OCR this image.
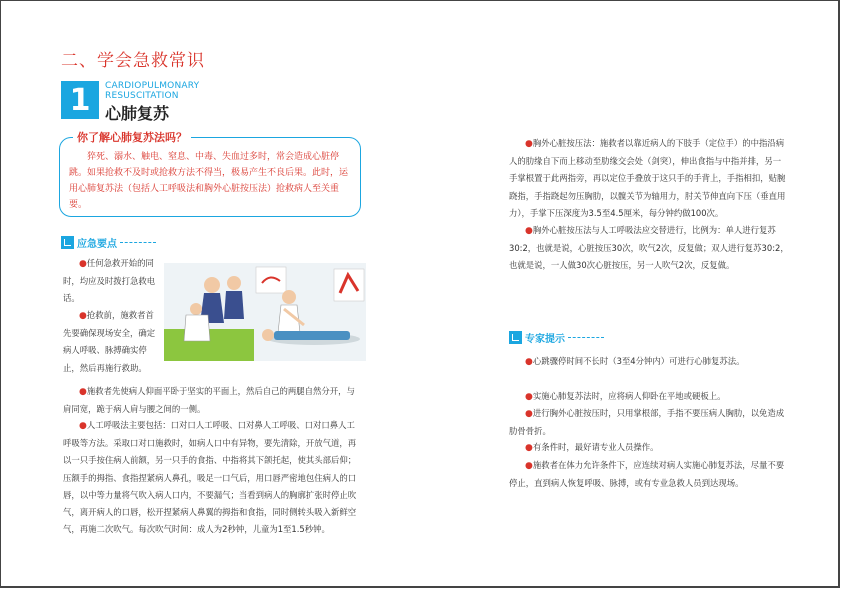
二、学会急救常识
1	CARDIOPULMONARY RESUSCITATION
心肺复苏
你了解心肺复苏法吗？
猝死、溺水、触电、窒息、中毒、失血过多时，常会造成心脏停跳。如果抢救不及时或抢救方法不得当，极易产生不良后果。此时，运用心肺复苏法（包括人工呼吸法和胸外心脏按压法）抢救病人至关重要。
应急要点
●任何急救开始的同时，均应及时拨打急救电话。
●抢救前，施救者首先要确保现场安全，确定病人呼吸、脉搏确实停止，然后再施行救助。
●施救者先使病人仰面平卧于坚实的平面上，然后自己的两腿自然分开，与肩同宽，跪于病人肩与腰之间的一侧。
●人工呼吸法主要包括：口对口人工呼吸、口对鼻人工呼吸、口对口鼻人工呼吸等方法。采取口对口施救时，如病人口中有异物，要先清除，开放气道，再以一只手按住病人前额，另一只手的食指、中指将其下颌托起，使其头部后仰；压额手的拇指、食指捏紧病人鼻孔，吸足一口气后，用口唇严密地包住病人的口唇，以中等力量将气吹入病人口内，不要漏气；当看到病人的胸廓扩张时停止吹气，离开病人的口唇，松开捏紧病人鼻翼的拇指和食指，同时侧转头吸入新鲜空气，再施二次吹气。每次吹气时间：成人为2秒钟，儿童为1至1.5秒钟。
●胸外心脏按压法：施救者以靠近病人的下肢手（定位手）的中指沿病人的肋缘自下而上移动至肋缘交会处（剑突），伸出食指与中指并排，另一手掌根置于此两指旁，再以定位手叠放于这只手的手背上，手指相扣，贴腕跷指，手指跷起勿压胸肋，以髋关节为轴用力，肘关节伸直向下压（垂直用力），手掌下压深度为3.5至4.5厘米，每分钟约做100次。
●胸外心脏按压法与人工呼吸法应交替进行，比例为：单人进行复苏30:2，也就是说，心脏按压30次，吹气2次，反复做；双人进行复苏30:2，也就是说，一人做30次心脏按压，另一人吹气2次，反复做。
专家提示
●心跳骤停时间不长时（3至4分钟内）可进行心肺复苏法。
●实施心肺复苏法时，应将病人仰卧在平地或硬板上。
●进行胸外心脏按压时，只用掌根部，手指不要压病人胸肋，以免造成肋骨骨折。
●有条件时，最好请专业人员操作。
●施救者在体力允许条件下，应连续对病人实施心肺复苏法，尽量不要停止，直到病人恢复呼吸、脉搏，或有专业急救人员到达现场。
